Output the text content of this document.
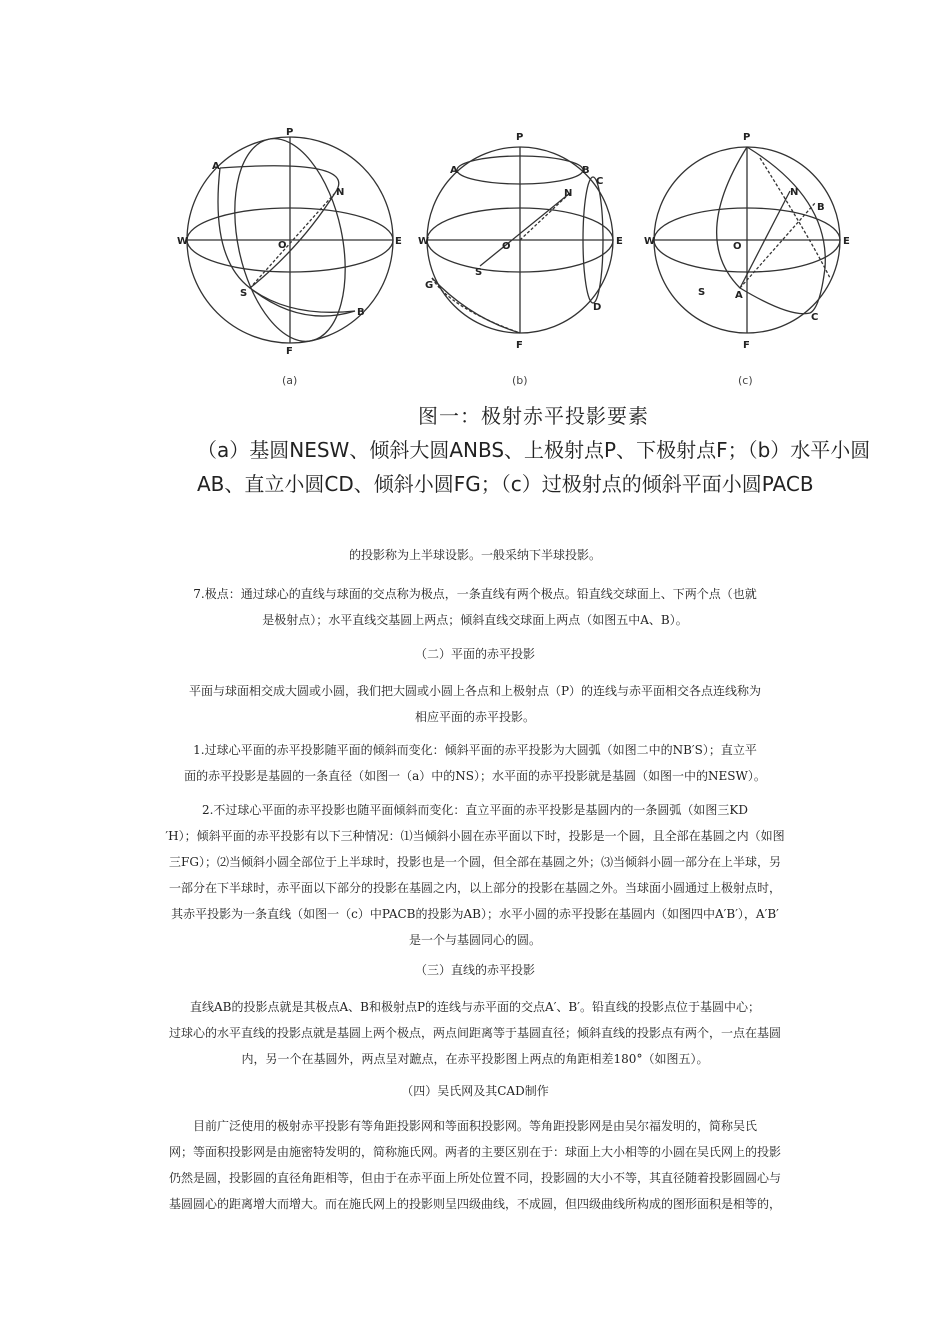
P
A
N
W	O	E
S
B
F
P
A	B
C
N
W	O	E
S
G
D
F
P
N
B
W	O	E
S	A
C
F
(a)	(b)	(c)
图一：极射赤平投影要素
（a）基圆NESW、倾斜大圆ANBS、上极射点P、下极射点F；（b）水平小圆
AB、直立小圆CD、倾斜小圆FG；（c）过极射点的倾斜平面小圆PACB
的投影称为上半球设影。一般采纳下半球投影。
7.极点：通过球心的直线与球面的交点称为极点，一条直线有两个极点。铅直线交球面上、下两个点（也就
是极射点）；水平直线交基圆上两点；倾斜直线交球面上两点（如图五中A、B）。
（二）平面的赤平投影
平面与球面相交成大圆或小圆，我们把大圆或小圆上各点和上极射点（P）的连线与赤平面相交各点连线称为
相应平面的赤平投影。
1.过球心平面的赤平投影随平面的倾斜而变化：倾斜平面的赤平投影为大圆弧（如图二中的NB′S）；直立平
面的赤平投影是基圆的一条直径（如图一（a）中的NS）；水平面的赤平投影就是基圆（如图一中的NESW）。
2.不过球心平面的赤平投影也随平面倾斜而变化：直立平面的赤平投影是基圆内的一条圆弧（如图三KD
′H）；倾斜平面的赤平投影有以下三种情况：⑴当倾斜小圆在赤平面以下时，投影是一个圆，且全部在基圆之内（如图
三FG）；⑵当倾斜小圆全部位于上半球时，投影也是一个圆，但全部在基圆之外；⑶当倾斜小圆一部分在上半球，另
一部分在下半球时，赤平面以下部分的投影在基圆之内，以上部分的投影在基圆之外。当球面小圆通过上极射点时，
其赤平投影为一条直线（如图一（c）中PACB的投影为AB）；水平小圆的赤平投影在基圆内（如图四中A′B′），A′B′
是一个与基圆同心的圆。
（三）直线的赤平投影
直线AB的投影点就是其极点A、B和极射点P的连线与赤平面的交点A′、B′。铅直线的投影点位于基圆中心；
过球心的水平直线的投影点就是基圆上两个极点，两点间距离等于基圆直径；倾斜直线的投影点有两个，一点在基圆
内，另一个在基圆外，两点呈对蹠点，在赤平投影图上两点的角距相差180°（如图五）。
（四）吴氏网及其CAD制作
目前广泛使用的极射赤平投影有等角距投影网和等面积投影网。等角距投影网是由吴尔福发明的，简称吴氏
网；等面积投影网是由施密特发明的，简称施氏网。两者的主要区别在于：球面上大小相等的小圆在吴氏网上的投影
仍然是圆，投影圆的直径角距相等，但由于在赤平面上所处位置不同，投影圆的大小不等，其直径随着投影圆圆心与
基圆圆心的距离增大而增大。而在施氏网上的投影则呈四级曲线，不成圆，但四级曲线所构成的图形面积是相等的，
